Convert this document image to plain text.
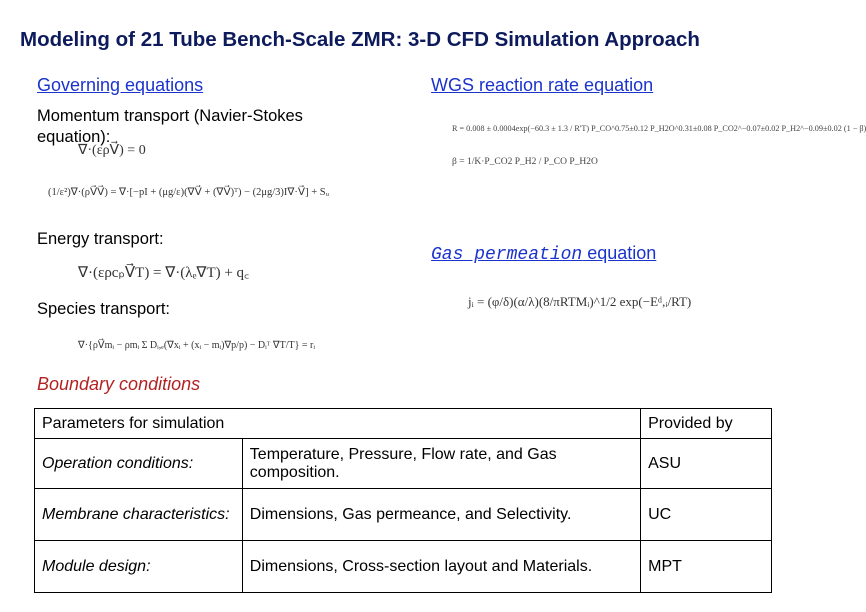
Modeling of 21 Tube Bench-Scale ZMR: 3-D CFD Simulation Approach
Governing equations
Momentum transport (Navier-Stokes
equation):
∇·(ερV⃗) = 0
(1/ε²)∇·(ρV⃗V⃗) = ∇·[−pI + (μg/ε)(∇V⃗ + (∇V⃗)ᵀ) − (2μg/3)I∇·V⃗] + Sᵤ
Energy transport:
∇·(ερcₚV⃗T) = ∇·(λₑ∇T) + q꜀
Species transport:
∇·{ρV⃗mᵢ − ρmᵢ Σ Dᵢ,ₑ(∇xᵢ + (xᵢ − mᵢ)∇p/p) − Dᵢᵀ ∇T/T} = rᵢ
Boundary conditions
WGS reaction rate equation
R = 0.008 ± 0.0004exp(−60.3 ± 1.3 / R'T) P_CO^0.75±0.12 P_H2O^0.31±0.08 P_CO2^−0.07±0.02 P_H2^−0.09±0.02 (1 − β)
β = 1/K·P_CO2 P_H2 / P_CO P_H2O
Gas permeation equation
jᵢ = (φ/δ)(α/λ)(8/πRTMᵢ)^1/2 exp(−Eᵈ,ᵢ/RT)
Parameters for simulation		Provided by
Operation conditions:	Temperature, Pressure, Flow rate, and Gas composition.	ASU
Membrane characteristics:	Dimensions, Gas permeance, and Selectivity.	UC
Module design:	Dimensions, Cross-section layout and Materials.	MPT
